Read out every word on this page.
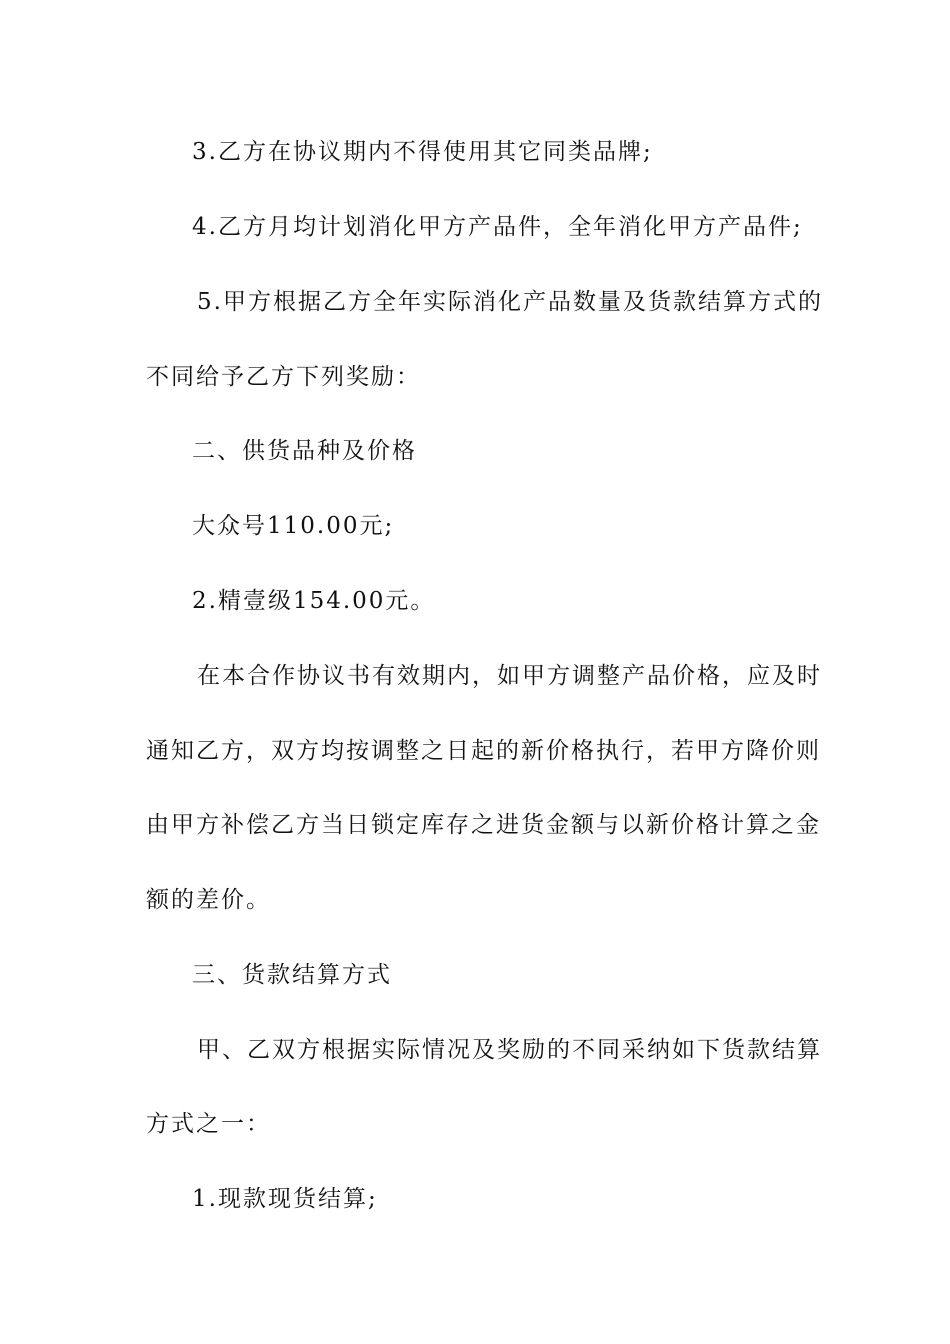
3.乙方在协议期内不得使用其它同类品牌;
4.乙方月均计划消化甲方产品件，全年消化甲方产品件;
5.甲方根据乙方全年实际消化产品数量及货款结算方式的
不同给予乙方下列奖励：
二、供货品种及价格
大众号110.00元;
2.精壹级154.00元。
在本合作协议书有效期内，如甲方调整产品价格，应及时
通知乙方，双方均按调整之日起的新价格执行，若甲方降价则
由甲方补偿乙方当日锁定库存之进货金额与以新价格计算之金
额的差价。
三、货款结算方式
甲、乙双方根据实际情况及奖励的不同采纳如下货款结算
方式之一：
1.现款现货结算;
